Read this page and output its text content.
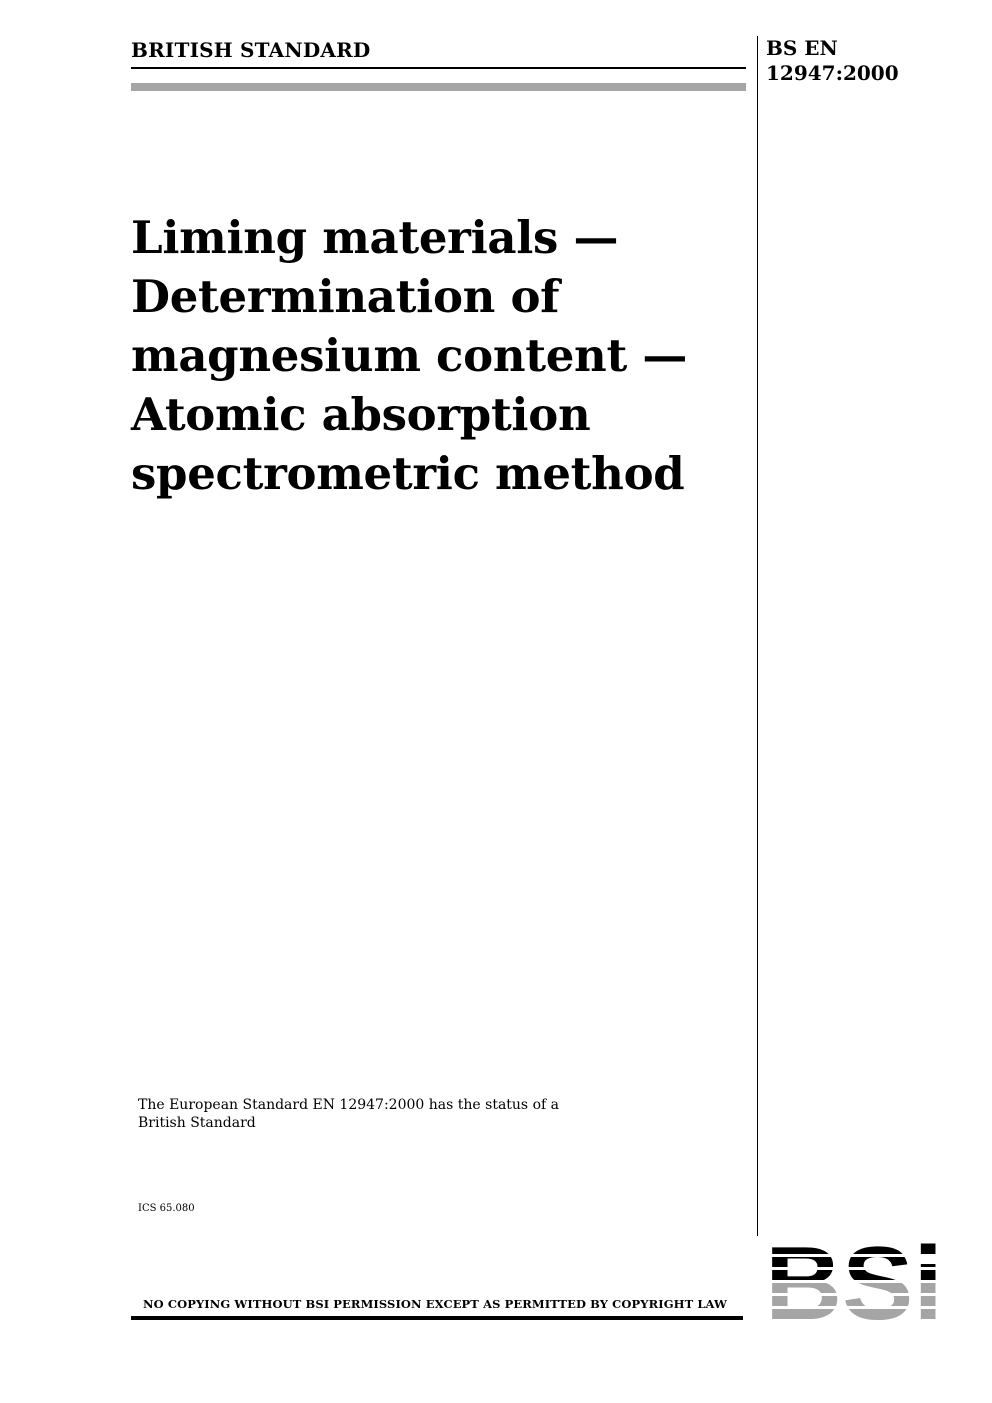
BRITISH STANDARD	BS EN
12947:2000
Liming materials —
Determination of
magnesium content —
Atomic absorption
spectrometric method
The European Standard EN 12947:2000 has the status of a British Standard
ICS 65.080
NO COPYING WITHOUT BSI PERMISSION EXCEPT AS PERMITTED BY COPYRIGHT LAW
